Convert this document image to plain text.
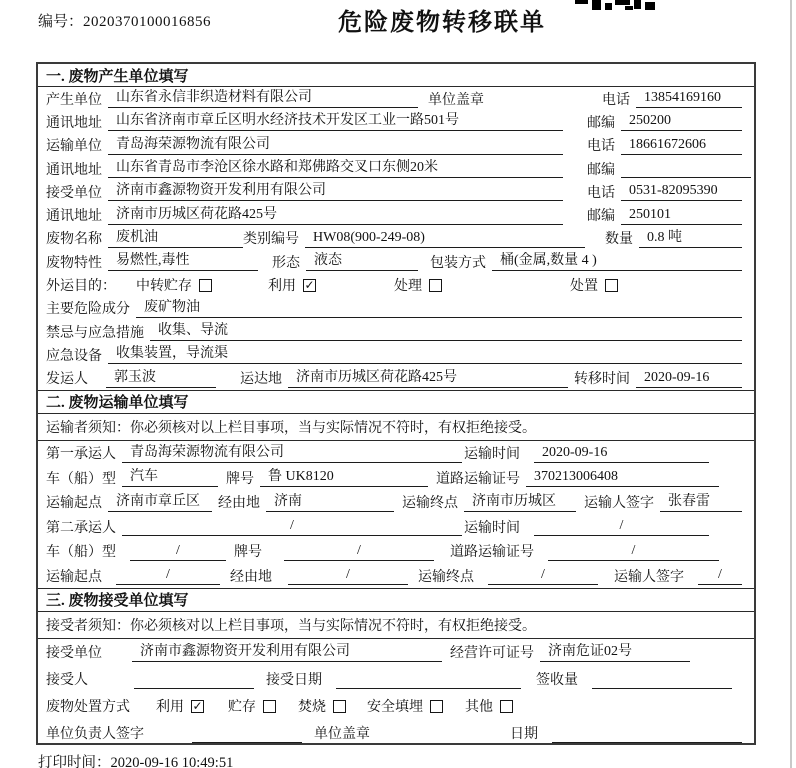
编号：2020370100016856	危险废物转移联单
一. 废物产生单位填写
产生单位	山东省永信非织造材料有限公司	单位盖章	电话	13854169160
通讯地址	山东省济南市章丘区明水经济技术开发区工业一路501号	邮编	250200
运输单位	青岛海荣源物流有限公司	电话	18661672606
通讯地址	山东省青岛市李沧区徐水路和郑佛路交叉口东侧20米	邮编
接受单位	济南市鑫源物资开发利用有限公司	电话	0531-82095390
通讯地址	济南市历城区荷花路425号	邮编	250101
废物名称	废机油	类别编号	HW08(900-249-08)	数量	0.8 吨
废物特性	易燃性,毒性	形态	液态	包装方式	桶(金属,数量 4 )
外运目的： 中转贮存	利用 ✓	处理	处置
主要危险成分	废矿物油
禁忌与应急措施	收集、导流
应急设备	收集装置，导流渠
发运人	郭玉波	运达地	济南市历城区荷花路425号	转移时间	2020-09-16
二. 废物运输单位填写
运输者须知：你必须核对以上栏目事项，当与实际情况不符时，有权拒绝接受。
第一承运人	青岛海荣源物流有限公司	运输时间	2020-09-16
车（船）型	汽车	牌号	鲁 UK8120	道路运输证号	370213006408
运输起点	济南市章丘区 经由地	济南	运输终点	济南市历城区 运输人签字	张春雷
第二承运人	/	运输时间	/
车（船）型	/	牌号	/	道路运输证号	/
运输起点	/	经由地	/	运输终点	/	运输人签字 /
三. 废物接受单位填写
接受者须知：你必须核对以上栏目事项，当与实际情况不符时，有权拒绝接受。
接受单位	济南市鑫源物资开发利用有限公司	经营许可证号	济南危证02号
接受人	接受日期	签收量
废物处置方式 利用 ✓ 贮存	焚烧	安全填埋	其他
单位负责人签字	单位盖章	日期
打印时间：2020-09-16 10:49:51
